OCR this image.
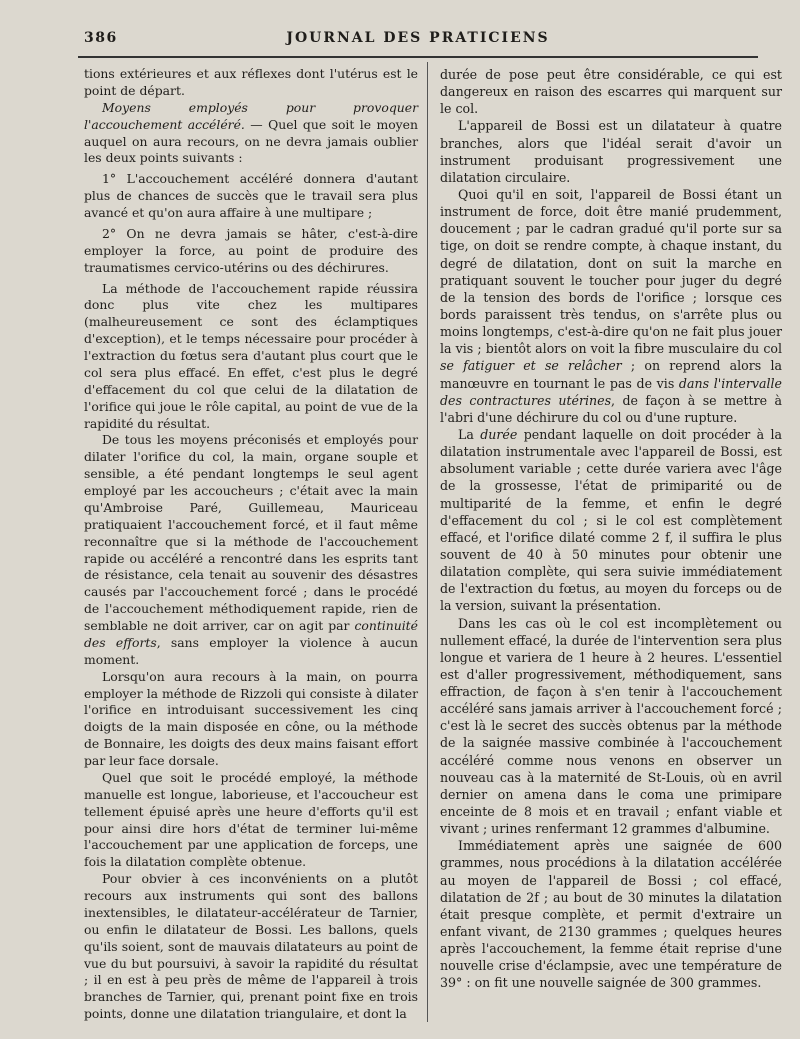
386	JOURNAL DES PRATICIENS

tions extérieures et aux réflexes dont l'utérus est le point de départ.

Moyens employés pour provoquer l'accouchement accéléré. — Quel que soit le moyen auquel on aura recours, on ne devra jamais oublier les deux points suivants :

1° L'accouchement accéléré donnera d'autant plus de chances de succès que le travail sera plus avancé et qu'on aura affaire à une multipare ;

2° On ne devra jamais se hâter, c'est-à-dire employer la force, au point de produire des traumatismes cervico-utérins ou des déchirures.

La méthode de l'accouchement rapide réussira donc plus vite chez les multipares (malheureusement ce sont des éclamptiques d'exception), et le temps nécessaire pour procéder à l'extraction du fœtus sera d'autant plus court que le col sera plus effacé. En effet, c'est plus le degré d'effacement du col que celui de la dilatation de l'orifice qui joue le rôle capital, au point de vue de la rapidité du résultat.

De tous les moyens préconisés et employés pour dilater l'orifice du col, la main, organe souple et sensible, a été pendant longtemps le seul agent employé par les accoucheurs ; c'était avec la main qu'Ambroise Paré, Guillemeau, Mauriceau pratiquaient l'accouchement forcé, et il faut même reconnaître que si la méthode de l'accouchement rapide ou accéléré a rencontré dans les esprits tant de résistance, cela tenait au souvenir des désastres causés par l'accouchement forcé ; dans le procédé de l'accouchement méthodiquement rapide, rien de semblable ne doit arriver, car on agit par continuité des efforts, sans employer la violence à aucun moment.

Lorsqu'on aura recours à la main, on pourra employer la méthode de Rizzoli qui consiste à dilater l'orifice en introduisant successivement les cinq doigts de la main disposée en cône, ou la méthode de Bonnaire, les doigts des deux mains faisant effort par leur face dorsale.

Quel que soit le procédé employé, la méthode manuelle est longue, laborieuse, et l'accoucheur est tellement épuisé après une heure d'efforts qu'il est pour ainsi dire hors d'état de terminer lui-même l'accouchement par une application de forceps, une fois la dilatation complète obtenue.

Pour obvier à ces inconvénients on a plutôt recours aux instruments qui sont des ballons inextensibles, le dilatateur-accélérateur de Tarnier, ou enfin le dilatateur de Bossi. Les ballons, quels qu'ils soient, sont de mauvais dilatateurs au point de vue du but poursuivi, à savoir la rapidité du résultat ; il en est à peu près de même de l'appareil à trois branches de Tarnier, qui, prenant point fixe en trois points, donne une dilatation triangulaire, et dont la

durée de pose peut être considérable, ce qui est dangereux en raison des escarres qui marquent sur le col.

L'appareil de Bossi est un dilatateur à quatre branches, alors que l'idéal serait d'avoir un instrument produisant progressivement une dilatation circulaire.

Quoi qu'il en soit, l'appareil de Bossi étant un instrument de force, doit être manié prudemment, doucement ; par le cadran gradué qu'il porte sur sa tige, on doit se rendre compte, à chaque instant, du degré de dilatation, dont on suit la marche en pratiquant souvent le toucher pour juger du degré de la tension des bords de l'orifice ; lorsque ces bords paraissent très tendus, on s'arrête plus ou moins longtemps, c'est-à-dire qu'on ne fait plus jouer la vis ; bientôt alors on voit la fibre musculaire du col se fatiguer et se relâcher ; on reprend alors la manœuvre en tournant le pas de vis dans l'intervalle des contractures utérines, de façon à se mettre à l'abri d'une déchirure du col ou d'une rupture.

La durée pendant laquelle on doit procéder à la dilatation instrumentale avec l'appareil de Bossi, est absolument variable ; cette durée variera avec l'âge de la grossesse, l'état de primiparité ou de multiparité de la femme, et enfin le degré d'effacement du col ; si le col est complètement effacé, et l'orifice dilaté comme 2 f, il suffira le plus souvent de 40 à 50 minutes pour obtenir une dilatation complète, qui sera suivie immédiatement de l'extraction du fœtus, au moyen du forceps ou de la version, suivant la présentation.

Dans les cas où le col est incomplètement ou nullement effacé, la durée de l'intervention sera plus longue et variera de 1 heure à 2 heures. L'essentiel est d'aller progressivement, méthodiquement, sans effraction, de façon à s'en tenir à l'accouchement accéléré sans jamais arriver à l'accouchement forcé ; c'est là le secret des succès obtenus par la méthode de la saignée massive combinée à l'accouchement accéléré comme nous venons en observer un nouveau cas à la maternité de St-Louis, où en avril dernier on amena dans le coma une primipare enceinte de 8 mois et en travail ; enfant viable et vivant ; urines renfermant 12 grammes d'albumine.

Immédiatement après une saignée de 600 grammes, nous procédions à la dilatation accélérée au moyen de l'appareil de Bossi ; col effacé, dilatation de 2f ; au bout de 30 minutes la dilatation était presque complète, et permit d'extraire un enfant vivant, de 2130 grammes ; quelques heures après l'accouchement, la femme était reprise d'une nouvelle crise d'éclampsie, avec une température de 39° : on fit une nouvelle saignée de 300 grammes.
